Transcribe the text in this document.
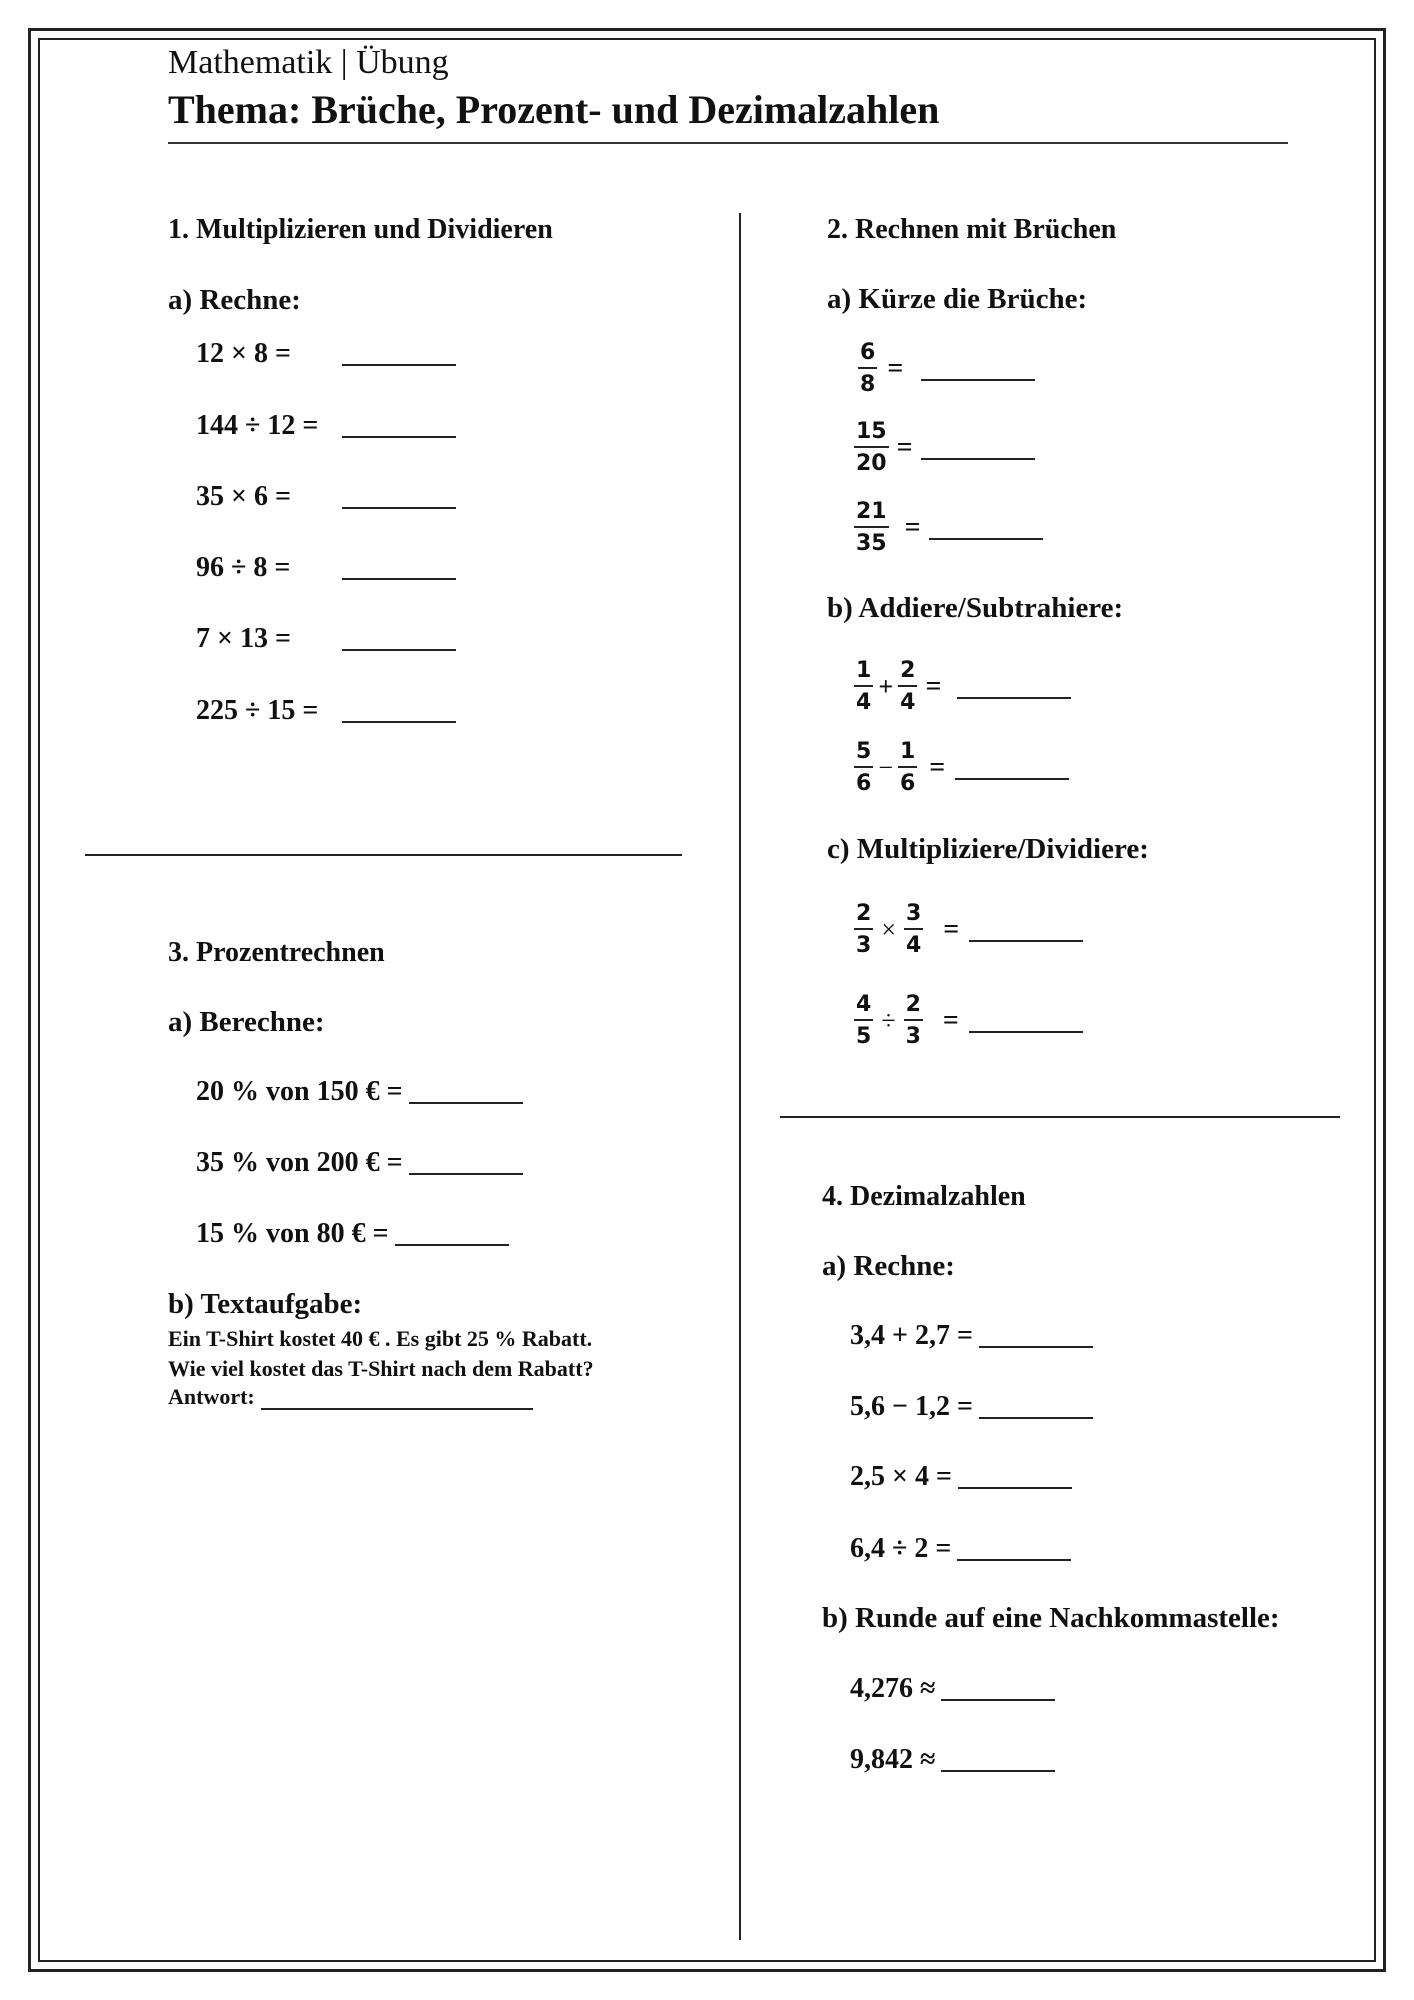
Mathematik | Übung
Thema: Brüche, Prozent- und Dezimalzahlen
1. Multiplizieren und Dividieren
a) Rechne:
12 × 8 =
144 ÷ 12 =
35 × 6 =
96 ÷ 8 =
7 × 13 =
225 ÷ 15 =
2. Rechnen mit Brüchen
a) Kürze die Brüche:
$\frac{6}{8}$ =
$\frac{15}{20}$ =
$\frac{21}{35}$ =
b) Addiere/Subtrahiere:
$\frac{1}{4} + \frac{2}{4}$ =
$\frac{5}{6} - \frac{1}{6}$ =
c) Multipliziere/Dividiere:
$\frac{2}{3} \times \frac{3}{4}$ =
$\frac{4}{5} \div \frac{2}{3}$ =
3. Prozentrechnen
a) Berechne:
20 % von 150 € =
35 % von 200 € =
15 % von 80 € =
b) Textaufgabe:
Ein T-Shirt kostet 40 € . Es gibt 25 % Rabatt.
Wie viel kostet das T-Shirt nach dem Rabatt?
Antwort:
4. Dezimalzahlen
a) Rechne:
3,4 + 2,7 =
5,6 − 1,2 =
2,5 × 4 =
6,4 ÷ 2 =
b) Runde auf eine Nachkommastelle:
4,276 ≈
9,842 ≈
